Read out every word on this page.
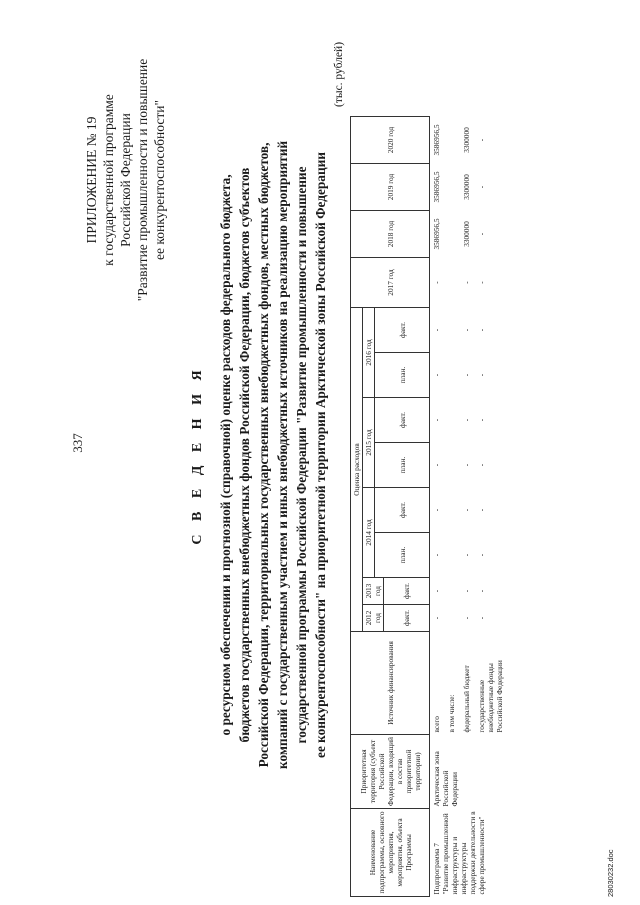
337
ПРИЛОЖЕНИЕ № 19 к государственной программе Российской Федерации "Развитие промышленности и повышение ее конкурентоспособности"
С В Е Д Е Н И Я о ресурсном обеспечении и прогнозной (справочной) оценке расходов федерального бюджета, бюджетов государственных внебюджетных фондов Российской Федерации, бюджетов субъектов Российской Федерации, территориальных государственных внебюджетных фондов, местных бюджетов, компаний с государственным участием и иных внебюджетных источников на реализацию мероприятий государственной программы Российской Федерации "Развитие промышленности и повышение ее конкурентоспособности" на приоритетной территории Арктической зоны Российской Федерации
(тыс. рублей)
Наименование подпрограммы, основного мероприятия, мероприятия, объекта Программы	Приоритетная территория (субъект Российской Федерации, входящий в состав приоритетной территории)	Источник финансирования	Оценка расходов								2017 год	2018 год	2019 год	2020 год
			2012 год	2013 год	2014 год		2015 год		2016 год					
					план.	факт.	план.	факт.	план.	факт.				
			факт.	факт.										
Подпрограмма 7 "Развитие промышленной инфраструктуры и инфраструктуры поддержки деятельности в сфере промышленности"	Арктическая зона Российской Федерации	всего	-	-	-	-	-	-	-	-	-	3586956,5	3586956,5	3586956,5
		в том числе:												
		федеральный бюджет	-	-	-	-	-	-	-	-	-	3300000	3300000	3300000
		государственные внебюджетные фонды Российской Федерации	-	-	-	-	-	-	-	-	-	-	-	-
28030232.doc
